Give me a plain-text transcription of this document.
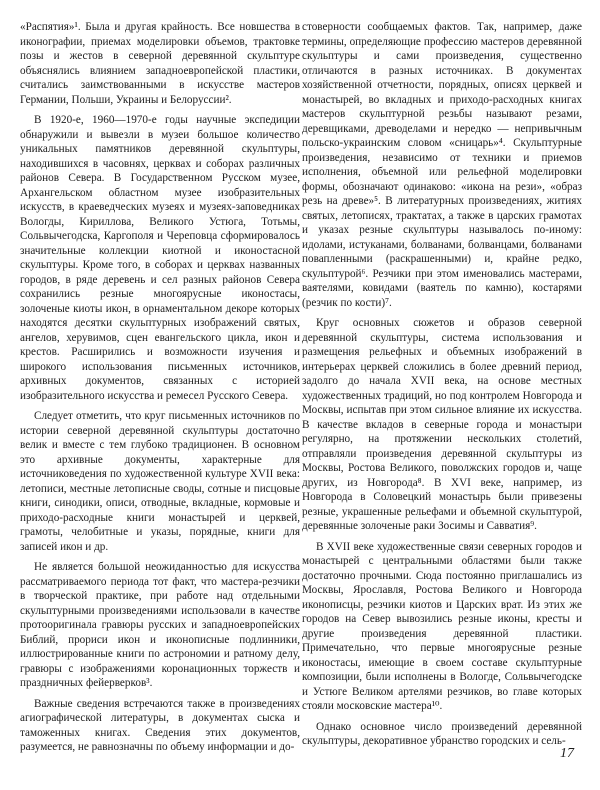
«Распятия»¹. Была и другая крайность. Все новшества в иконографии, приемах моделировки объемов, трактовке позы и жестов в северной деревянной скульптуре объяснялись влиянием западноевропейской пластики, считались заимствованными в искусстве мастеров Германии, Польши, Украины и Белоруссии².

В 1920-е, 1960—1970-е годы научные экспедиции обнаружили и вывезли в музеи большое количество уникальных памятников деревянной скульптуры, находившихся в часовнях, церквах и соборах различных районов Севера. В Государственном Русском музее, Архангельском областном музее изобразительных искусств, в краеведческих музеях и музеях-заповедниках Вологды, Кириллова, Великого Устюга, Тотьмы, Сольвычегодска, Каргополя и Череповца сформировалось значительные коллекции киотной и иконостасной скульптуры. Кроме того, в соборах и церквах названных городов, в ряде деревень и сел разных районов Севера сохранились резные многоярусные иконостасы, золоченые киоты икон, в орнаментальном декоре которых находятся десятки скульптурных изображений святых, ангелов, херувимов, сцен евангельского цикла, икон и крестов. Расширились и возможности изучения и широкого использования письменных источников, архивных документов, связанных с историей изобразительного искусства и ремесел Русского Севера.

Следует отметить, что круг письменных источников по истории северной деревянной скульптуры достаточно велик и вместе с тем глубоко традиционен. В основном это архивные документы, характерные для источниковедения по художественной культуре XVII века: летописи, местные летописные своды, сотные и писцовые книги, синодики, описи, отводные, вкладные, кормовые и приходо-расходные книги монастырей и церквей, грамоты, челобитные и указы, порядные, книги для записей икон и др.

Не является большой неожиданностью для искусства рассматриваемого периода тот факт, что мастера-резчики в творческой практике, при работе над отдельными скульптурными произведениями использовали в качестве протооригинала гравюры русских и западноевропейских Библий, прориси икон и иконописные подлинники, иллюстрированные книги по астрономии и ратному делу, гравюры с изображениями коронационных торжеств и праздничных фейерверков³.

Важные сведения встречаются также в произведениях агиографической литературы, в документах сыска и таможенных книгах. Сведения этих документов, разумеется, не равнозначны по объему информации и до-

стоверности сообщаемых фактов. Так, например, даже термины, определяющие профессию мастеров деревянной скульптуры и сами произведения, существенно отличаются в разных источниках. В документах хозяйственной отчетности, порядных, описях церквей и монастырей, во вкладных и приходо-расходных книгах мастеров скульптурной резьбы называют резами, деревщиками, древоделами и нередко — непривычным польско-украинским словом «сницарь»⁴. Скульптурные произведения, независимо от техники и приемов исполнения, объемной или рельефной моделировки формы, обозначают одинаково: «икона на рези», «образ резь на древе»⁵. В литературных произведениях, житиях святых, летописях, трактатах, а также в царских грамотах и указах резные скульптуры называлось по-иному: идолами, истуканами, болванами, болванцами, болванами повапленными (раскрашенными) и, крайне редко, скульптурой⁶. Резчики при этом именовались мастерами, ваятелями, ковидами (ваятель по камню), костарями (резчик по кости)⁷.

Круг основных сюжетов и образов северной деревянной скульптуры, система использования и размещения рельефных и объемных изображений в интерьерах церквей сложились в более древний период, задолго до начала XVII века, на основе местных художественных традиций, но под контролем Новгорода и Москвы, испытав при этом сильное влияние их искусства. В качестве вкладов в северные города и монастыри регулярно, на протяжении нескольких столетий, отправляли произведения деревянной скульптуры из Москвы, Ростова Великого, поволжских городов и, чаще других, из Новгорода⁸. В XVI веке, например, из Новгорода в Соловецкий монастырь были привезены резные, украшенные рельефами и объемной скульптурой, деревянные золоченые раки Зосимы и Савватия⁹.

В XVII веке художественные связи северных городов и монастырей с центральными областями были также достаточно прочными. Сюда постоянно приглашались из Москвы, Ярославля, Ростова Великого и Новгорода иконописцы, резчики киотов и Царских врат. Из этих же городов на Север вывозились резные иконы, кресты и другие произведения деревянной пластики. Примечательно, что первые многоярусные резные иконостасы, имеющие в своем составе скульптурные композиции, были исполнены в Вологде, Сольвычегодске и Устюге Великом артелями резчиков, во главе которых стояли московские мастера¹⁰.

Однако основное число произведений деревянной скульптуры, декоративное убранство городских и сель-

17
